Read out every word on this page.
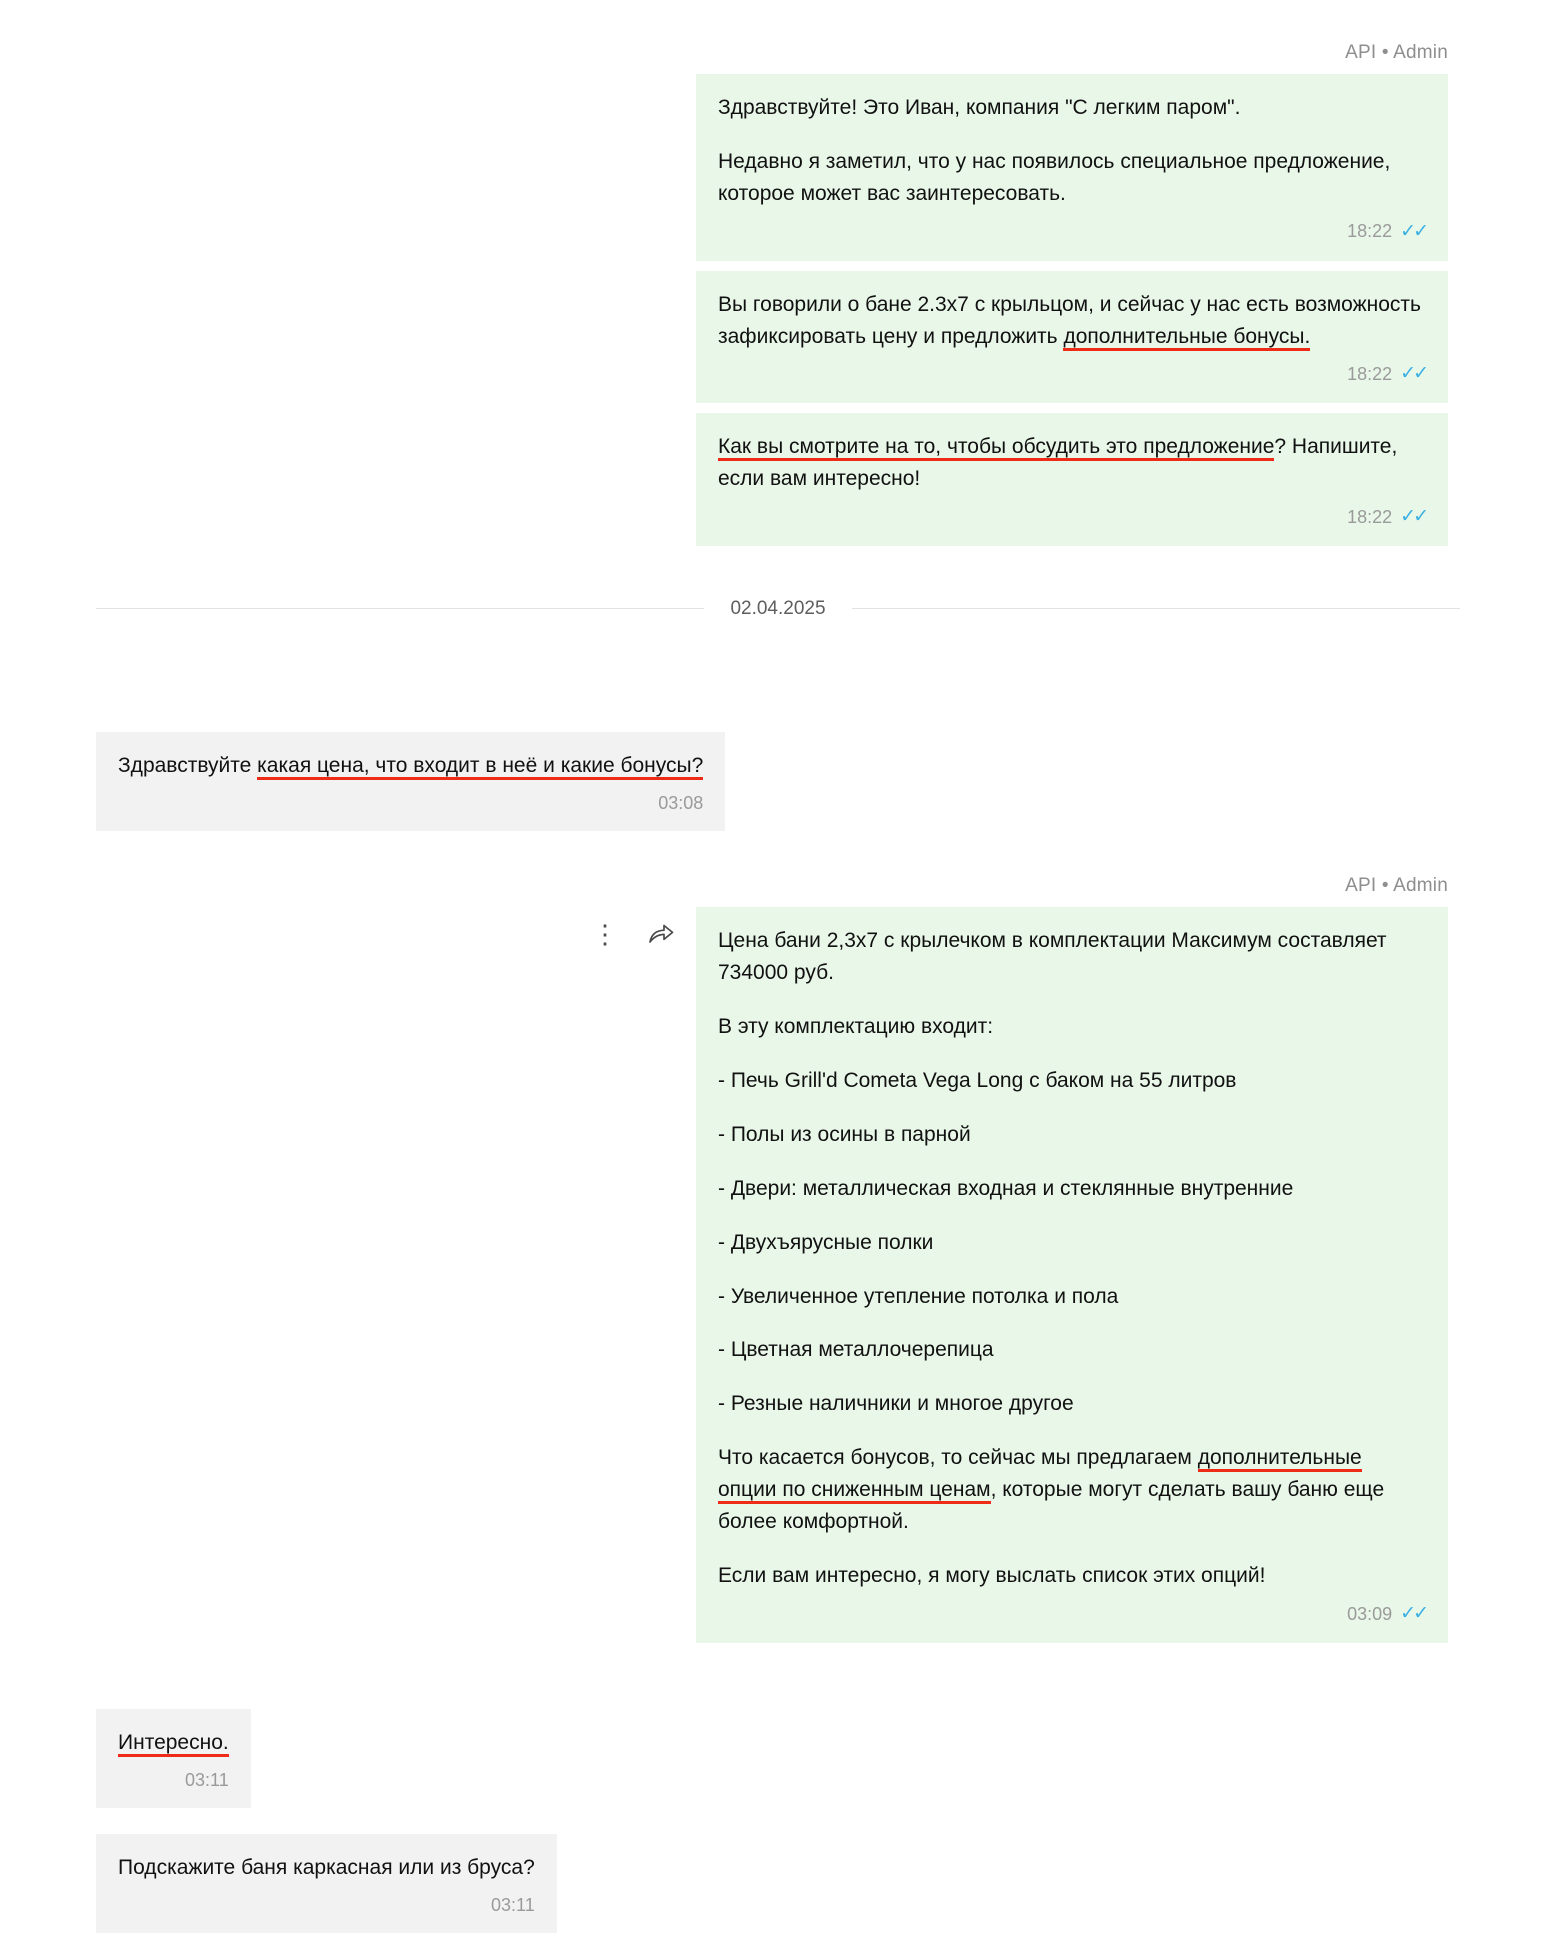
API • Admin

Здравствуйте! Это Иван, компания "С легким паром".

Недавно я заметил, что у нас появилось специальное предложение, которое может вас заинтересовать.

18:22 ✓✓

Вы говорили о бане 2.3х7 с крыльцом, и сейчас у нас есть возможность зафиксировать цену и предложить дополнительные бонусы.

18:22 ✓✓

Как вы смотрите на то, чтобы обсудить это предложение? Напишите, если вам интересно!

18:22 ✓✓
02.04.2025

Здравствуйте какая цена, что входит в неё и какие бонусы?

03:08
API • Admin
⋮	Цена бани 2,3х7 с крылечком в комплектации Максимум составляет 734000 руб.

В эту комплектацию входит:

- Печь Grill'd Cometa Vega Long с баком на 55 литров

- Полы из осины в парной

- Двери: металлическая входная и стеклянные внутренние

- Двухъярусные полки

- Увеличенное утепление потолка и пола

- Цветная металлочерепица

- Резные наличники и многое другое

Что касается бонусов, то сейчас мы предлагаем дополнительные опции по сниженным ценам, которые могут сделать вашу баню еще более комфортной.

Если вам интересно, я могу выслать список этих опций!

03:09 ✓✓

Интересно.

03:11

Подскажите баня каркасная или из бруса?

03:11
